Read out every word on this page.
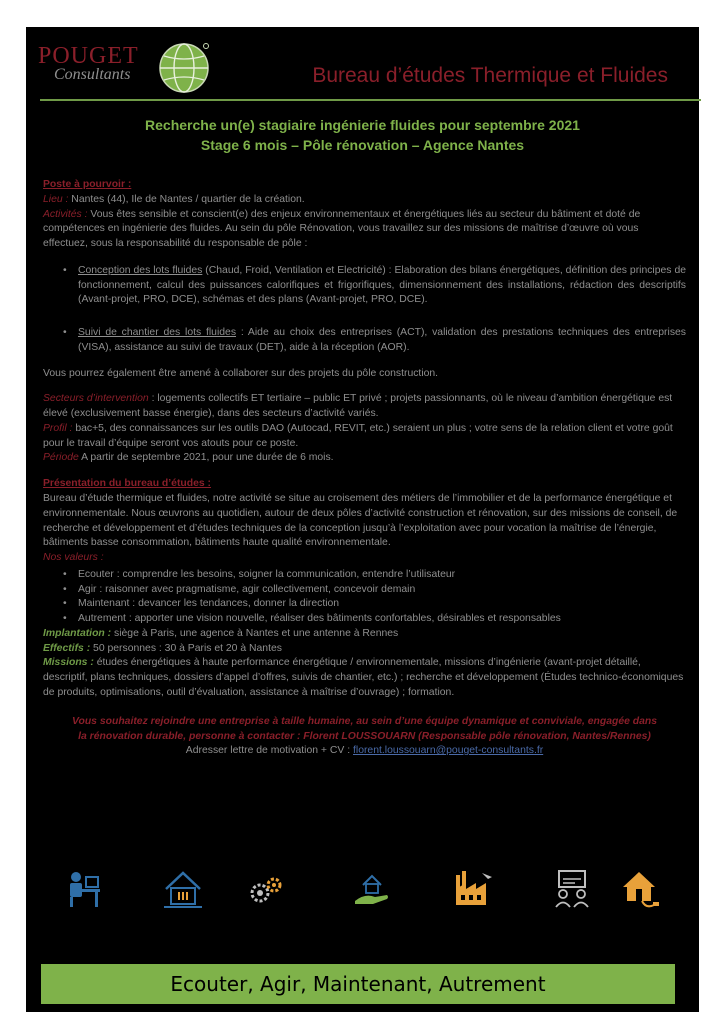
POUGET
Consultants	Bureau d’études Thermique et Fluides
Recherche un(e) stagiaire ingénierie fluides pour septembre 2021
Stage 6 mois – Pôle rénovation – Agence Nantes

Poste à pourvoir :

Lieu : Nantes (44), Ile de Nantes / quartier de la création.

Activités : Vous êtes sensible et conscient(e) des enjeux environnementaux et énergétiques liés au secteur du bâtiment et doté de compétences en ingénierie des fluides. Au sein du pôle Rénovation, vous travaillez sur des missions de maîtrise d’œuvre où vous effectuez, sous la responsabilité du responsable de pôle :

• Conception des lots fluides (Chaud, Froid, Ventilation et Electricité) : Elaboration des bilans énergétiques, définition des principes de fonctionnement, calcul des puissances calorifiques et frigorifiques, dimensionnement des installations, rédaction des descriptifs (Avant-projet, PRO, DCE), schémas et des plans (Avant-projet, PRO, DCE).
• Suivi de chantier des lots fluides : Aide au choix des entreprises (ACT), validation des prestations techniques des entreprises (VISA), assistance au suivi de travaux (DET), aide à la réception (AOR).

Vous pourrez également être amené à collaborer sur des projets du pôle construction.

Secteurs d’intervention : logements collectifs ET tertiaire – public ET privé ; projets passionnants, où le niveau d’ambition énergétique est élevé (exclusivement basse énergie), dans des secteurs d’activité variés.

Profil : bac+5, des connaissances sur les outils DAO (Autocad, REVIT, etc.) seraient un plus ; votre sens de la relation client et votre goût pour le travail d’équipe seront vos atouts pour ce poste.

Période A partir de septembre 2021, pour une durée de 6 mois.

Présentation du bureau d’études :

Bureau d’étude thermique et fluides, notre activité se situe au croisement des métiers de l’immobilier et de la performance énergétique et environnementale. Nous œuvrons au quotidien, autour de deux pôles d’activité construction et rénovation, sur des missions de conseil, de recherche et développement et d’études techniques de la conception jusqu’à l’exploitation avec pour vocation la maîtrise de l’énergie, bâtiments basse consommation, bâtiments haute qualité environnementale.

Nos valeurs :

• Ecouter : comprendre les besoins, soigner la communication, entendre l’utilisateur
• Agir : raisonner avec pragmatisme, agir collectivement, concevoir demain
• Maintenant : devancer les tendances, donner la direction
• Autrement : apporter une vision nouvelle, réaliser des bâtiments confortables, désirables et responsables

Implantation : siège à Paris, une agence à Nantes et une antenne à Rennes

Effectifs : 50 personnes : 30 à Paris et 20 à Nantes

Missions : études énergétiques à haute performance énergétique / environnementale, missions d’ingénierie (avant-projet détaillé, descriptif, plans techniques, dossiers d’appel d’offres, suivis de chantier, etc.) ; recherche et développement (Études technico-économiques de produits, optimisations, outil d’évaluation, assistance à maîtrise d’ouvrage) ; formation.

Vous souhaitez rejoindre une entreprise à taille humaine, au sein d’une équipe dynamique et conviviale, engagée dans
la rénovation durable, personne à contacter : Florent LOUSSOUARN (Responsable pôle rénovation, Nantes/Rennes)
Adresser lettre de motivation + CV : florent.loussouarn@pouget-consultants.fr
Ecouter, Agir, Maintenant, Autrement
